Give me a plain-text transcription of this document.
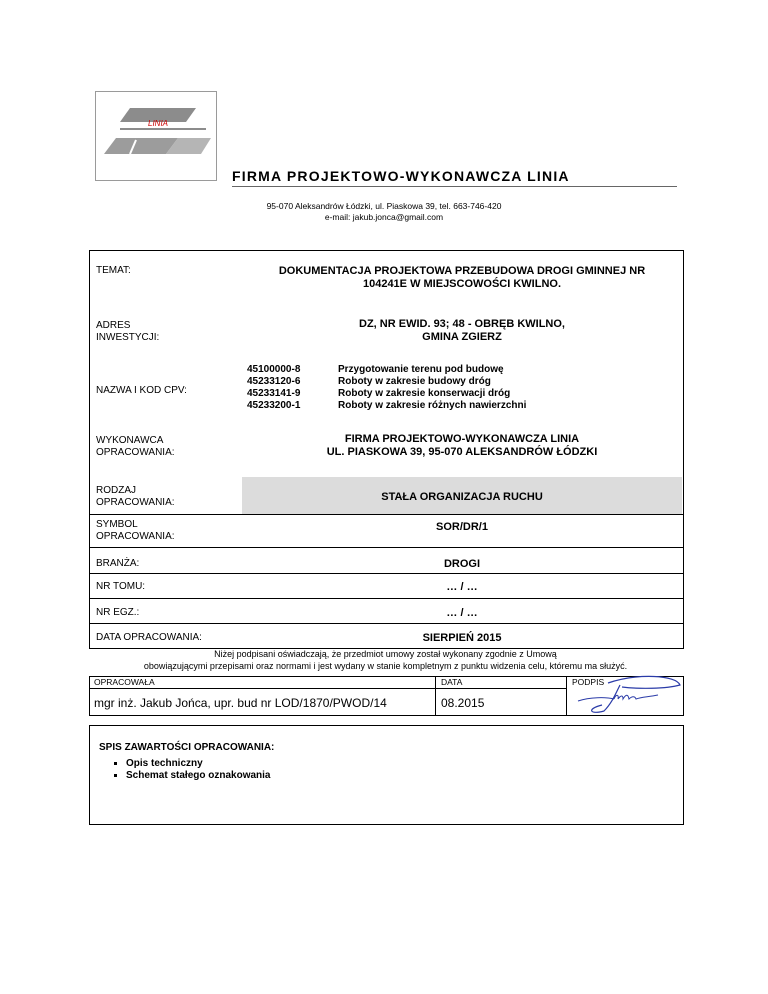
LINIA
FIRMA PROJEKTOWO-WYKONAWCZA LINIA
95-070 Aleksandrów Łódzki, ul. Piaskowa 39, tel. 663-746-420
e-mail: jakub.jonca@gmail.com
TEMAT:	DOKUMENTACJA PROJEKTOWA PRZEBUDOWA DROGI GMINNEJ NR
104241E W MIEJSCOWOŚCI KWILNO.
ADRES
INWESTYCJI:
DZ, NR EWID. 93; 48 - OBRĘB KWILNO,
GMINA ZGIERZ
NAZWA I KOD CPV:
45100000-8	Przygotowanie terenu pod budowę
45233120-6	Roboty w zakresie budowy dróg
45233141-9	Roboty w zakresie konserwacji dróg
45233200-1	Roboty w zakresie różnych nawierzchni
WYKONAWCA
OPRACOWANIA:
FIRMA PROJEKTOWO-WYKONAWCZA LINIA
UL. PIASKOWA 39, 95-070 ALEKSANDRÓW ŁÓDZKI
RODZAJ
OPRACOWANIA:	STAŁA ORGANIZACJA RUCHU
SYMBOL
OPRACOWANIA:
SOR/DR/1
BRANŻA:	DROGI
NR TOMU:	… / …
NR EGZ.:	… / …
DATA OPRACOWANIA:	SIERPIEŃ 2015
Niżej podpisani oświadczają, że przedmiot umowy został wykonany zgodnie z Umową
obowiązującymi przepisami oraz normami i jest wydany w stanie kompletnym z punktu widzenia celu, któremu ma służyć.
OPRACOWAŁA	DATA	PODPIS
mgr inż. Jakub Jońca, upr. bud nr LOD/1870/PWOD/14	08.2015
SPIS ZAWARTOŚCI OPRACOWANIA:
▪ Opis techniczny
▪ Schemat stałego oznakowania
